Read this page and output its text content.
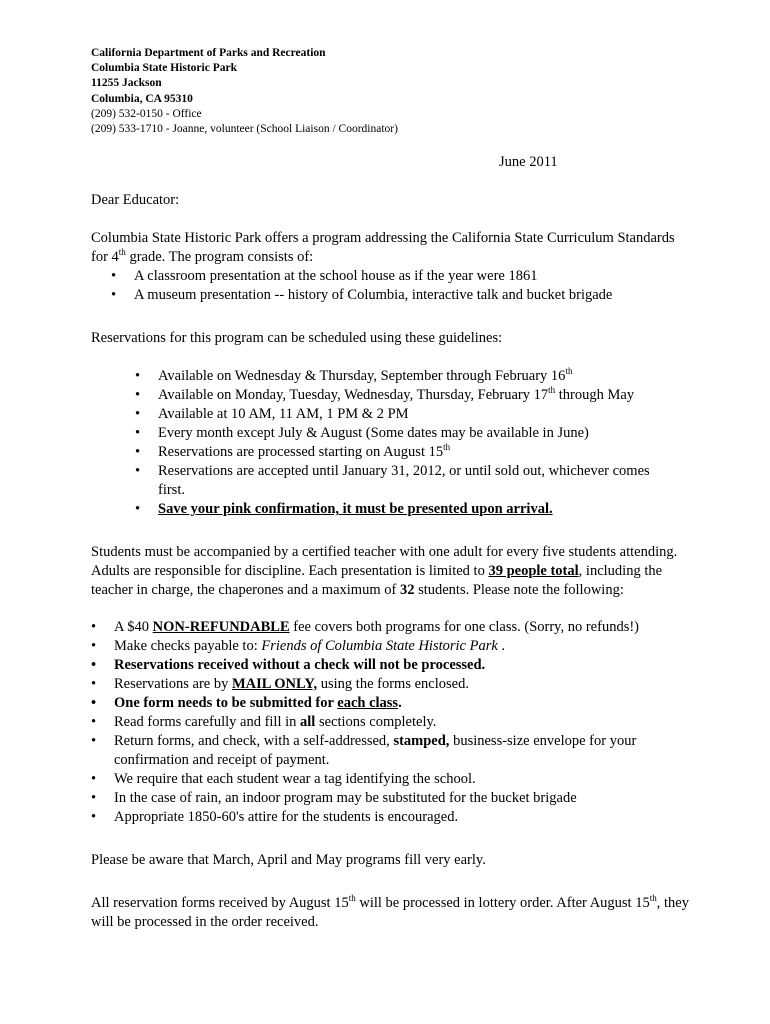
California Department of Parks and Recreation
Columbia State Historic Park
11255 Jackson
Columbia, CA 95310
(209) 532-0150 - Office
(209) 533-1710 - Joanne, volunteer (School Liaison / Coordinator)
June 2011

Dear Educator:

Columbia State Historic Park offers a program addressing the California State Curriculum Standards for 4th grade. The program consists of:

• A classroom presentation at the school house as if the year were 1861
• A museum presentation -- history of Columbia, interactive talk and bucket brigade

Reservations for this program can be scheduled using these guidelines:

• Available on Wednesday & Thursday, September through February 16th
• Available on Monday, Tuesday, Wednesday, Thursday, February 17th through May
• Available at 10 AM, 11 AM, 1 PM & 2 PM
• Every month except July & August (Some dates may be available in June)
• Reservations are processed starting on August 15th
• Reservations are accepted until January 31, 2012, or until sold out, whichever comes first.
• Save your pink confirmation, it must be presented upon arrival.

Students must be accompanied by a certified teacher with one adult for every five students attending. Adults are responsible for discipline. Each presentation is limited to 39 people total, including the teacher in charge, the chaperones and a maximum of 32 students. Please note the following:

• A $40 NON-REFUNDABLE fee covers both programs for one class. (Sorry, no refunds!)
• Make checks payable to: Friends of Columbia State Historic Park .
• Reservations received without a check will not be processed.
• Reservations are by MAIL ONLY, using the forms enclosed.
• One form needs to be submitted for each class.
• Read forms carefully and fill in all sections completely.
• Return forms, and check, with a self-addressed, stamped, business-size envelope for your confirmation and receipt of payment.
• We require that each student wear a tag identifying the school.
• In the case of rain, an indoor program may be substituted for the bucket brigade
• Appropriate 1850-60's attire for the students is encouraged.

Please be aware that March, April and May programs fill very early.

All reservation forms received by August 15th will be processed in lottery order. After August 15th, they will be processed in the order received.
